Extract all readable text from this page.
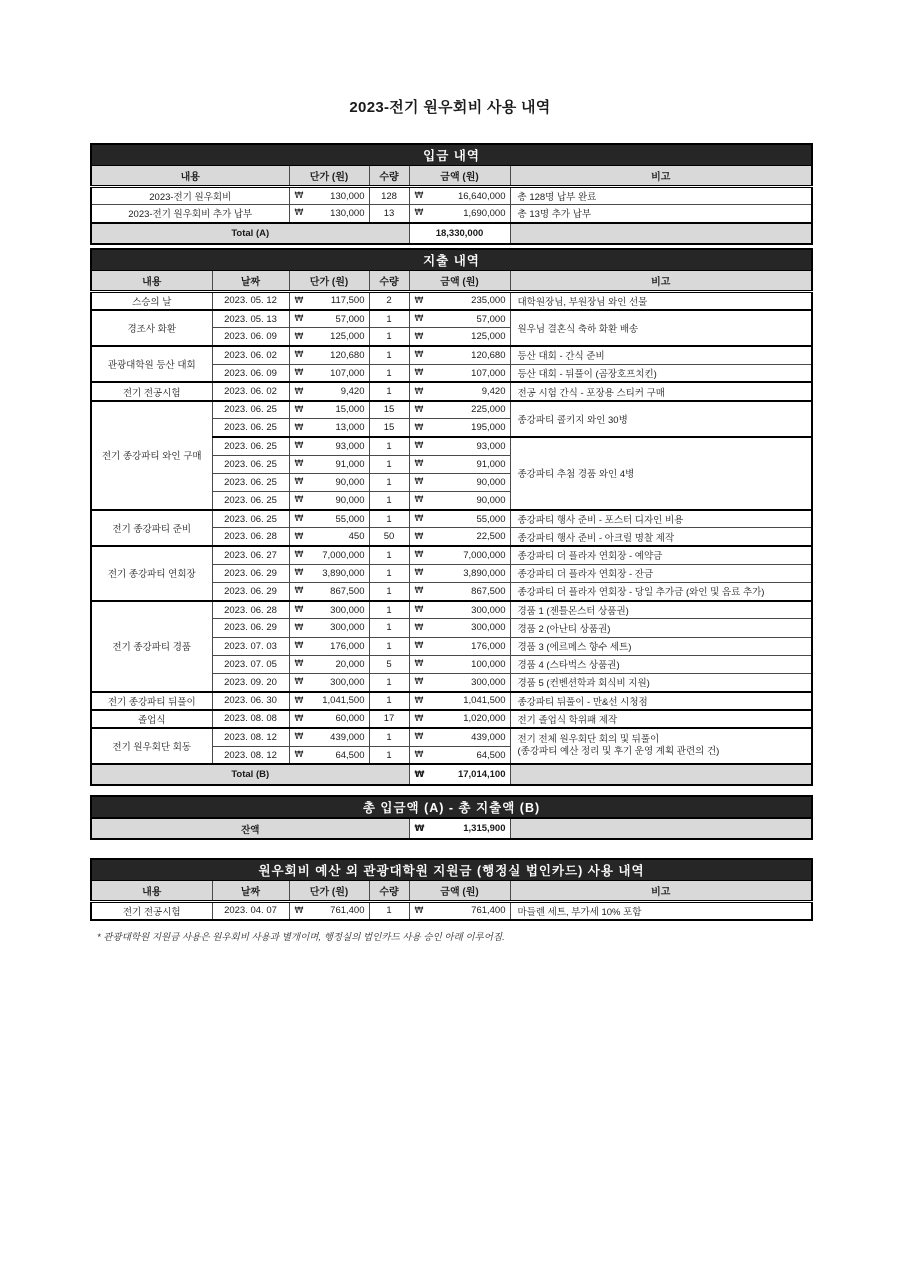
2023-전기 원우회비 사용 내역
입금 내역				
내용	단가 (원)	수량	금액 (원)	비고
2023-전기 원우회비	₩ 130,000	128	₩ 16,640,000	총 128명 납부 완료
2023-전기 원우회비 추가 납부	₩ 130,000	13	₩ 1,690,000	총 13명 추가 납부
Total (A)			18,330,000	
지출 내역					
내용	날짜	단가 (원)	수량	금액 (원)	비고
스승의 날	2023. 05. 12	₩ 117,500	2	₩ 235,000	대학원장님, 부원장님 와인 선물
경조사 화환	2023. 05. 13	₩ 57,000	1	₩ 57,000	원우님 결혼식 축하 화환 배송
	2023. 06. 09	₩ 125,000	1	₩ 125,000	

관광대학원 등산 대회	2023. 06. 02	₩ 120,680	1	₩ 120,680	등산 대회 - 간식 준비
	2023. 06. 09	₩ 107,000	1	₩ 107,000	등산 대회 - 뒤풀이 (곰장호프치킨)
전기 전공시험	2023. 06. 02	₩ 9,420	1	₩ 9,420	전공 시험 간식 - 포장용 스티커 구매
전기 종강파티 와인 구매	2023. 06. 25	₩ 15,000	15	₩ 225,000	종강파티 콜키지 와인 30병
	2023. 06. 25	₩ 13,000	15	₩ 195,000	

	2023. 06. 25	₩ 93,000	1	₩ 93,000	종강파티 추첨 경품 와인 4병
	2023. 06. 25	₩ 91,000	1	₩ 91,000	

	2023. 06. 25	₩ 90,000	1	₩ 90,000	

	2023. 06. 25	₩ 90,000	1	₩ 90,000	

전기 종강파티 준비	2023. 06. 25	₩ 55,000	1	₩ 55,000	종강파티 행사 준비 - 포스터 디자인 비용
	2023. 06. 28	₩ 450	50	₩ 22,500	종강파티 행사 준비 - 아크릴 명찰 제작
전기 종강파티 연회장	2023. 06. 27	₩ 7,000,000	1	₩ 7,000,000	종강파티 더 플라자 연회장 - 예약금
	2023. 06. 29	₩ 3,890,000	1	₩ 3,890,000	종강파티 더 플라자 연회장 - 잔금
	2023. 06. 29	₩ 867,500	1	₩ 867,500	종강파티 더 플라자 연회장 - 당일 추가금 (와인 및 음료 추가)
전기 종강파티 경품	2023. 06. 28	₩ 300,000	1	₩ 300,000	경품 1 (젠틀몬스터 상품권)
	2023. 06. 29	₩ 300,000	1	₩ 300,000	경품 2 (아난티 상품권)
	2023. 07. 03	₩ 176,000	1	₩ 176,000	경품 3 (에르메스 향수 세트)
	2023. 07. 05	₩ 20,000	5	₩ 100,000	경품 4 (스타벅스 상품권)
	2023. 09. 20	₩ 300,000	1	₩ 300,000	경품 5 (컨벤션학과 회식비 지원)
전기 종강파티 뒤풀이	2023. 06. 30	₩ 1,041,500	1	₩ 1,041,500	종강파티 뒤풀이 - 만&선 시청점
졸업식	2023. 08. 08	₩ 60,000	17	₩ 1,020,000	전기 졸업식 학위패 제작
전기 원우회단 회동	2023. 08. 12	₩	439,000	1	₩	439,000	전기 전체 원우회단 회의 및 뒤풀이
(종강파티 예산 정리 및 후기 운영 계획 관련의 건)

	2023. 08. 12	₩ 64,500	1	₩ 64,500	

Total (B)				₩ 17,014,100	

총 입금액 (A) - 총 지출액 (B)
잔액	₩	1,315,900

원우회비 예산 외 관광대학원 지원금 (행정실 법인카드) 사용 내역					
내용	날짜	단가 (원)	수량	금액 (원)	비고
전기 전공시험	2023. 04. 07	₩ 761,400	1	₩ 761,400	마들렌 세트, 부가세 10% 포함
* 관광대학원 지원금 사용은 원우회비 사용과 별개이며, 행정실의 법인카드 사용 승인 아래 이루어짐.
